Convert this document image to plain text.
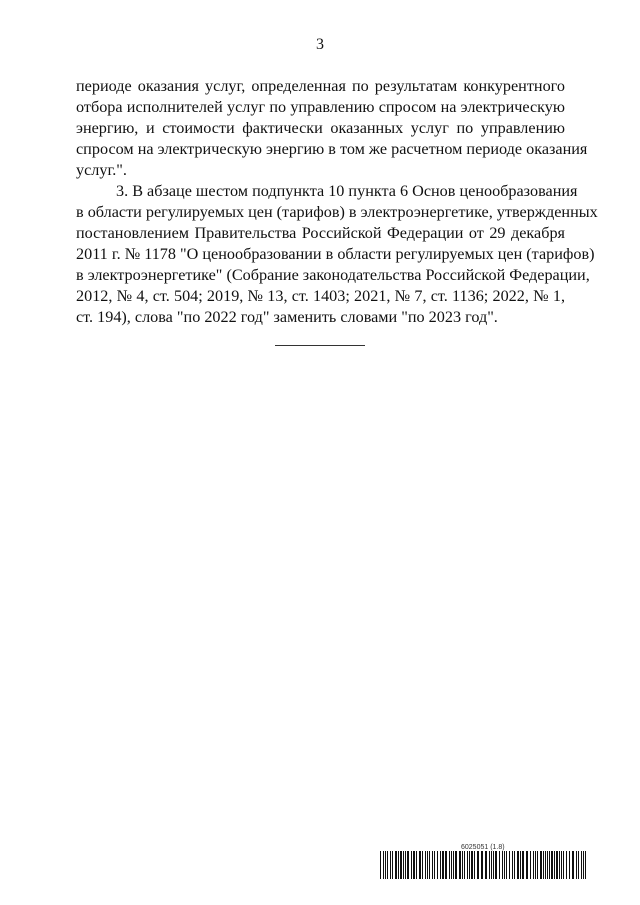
3
периоде оказания услуг, определенная по результатам конкурентного
отбора исполнителей услуг по управлению спросом на электрическую
энергию, и стоимости фактически оказанных услуг по управлению
спросом на электрическую энергию в том же расчетном периоде оказания
услуг.".
3. В абзаце шестом подпункта 10 пункта 6 Основ ценообразования
в области регулируемых цен (тарифов) в электроэнергетике, утвержденных
постановлением Правительства Российской Федерации от 29 декабря
2011 г. № 1178 "О ценообразовании в области регулируемых цен (тарифов)
в электроэнергетике" (Собрание законодательства Российской Федерации,
2012, № 4, ст. 504; 2019, № 13, ст. 1403; 2021, № 7, ст. 1136; 2022, № 1,
ст. 194), слова "по 2022 год" заменить словами "по 2023 год".
6025051 (1.8)
